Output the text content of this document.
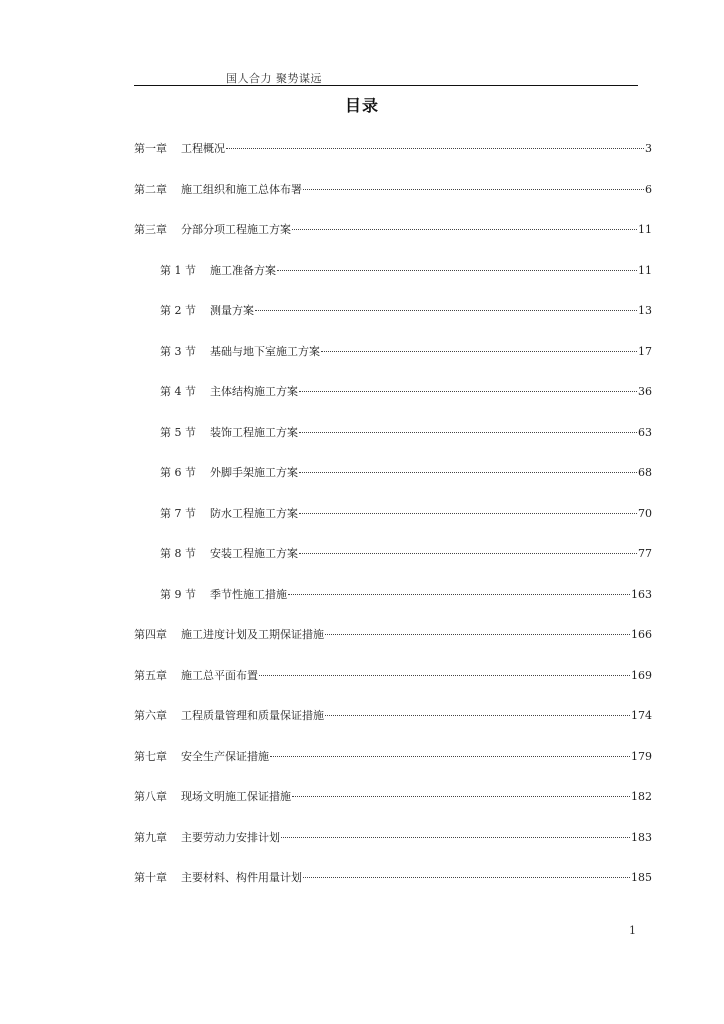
国人合力 聚势谋远
目录
第一章 工程概况	3
第二章 施工组织和施工总体布署	6
第三章 分部分项工程施工方案	11
第 1 节 施工准备方案	11
第 2 节 测量方案	13
第 3 节 基础与地下室施工方案	17
第 4 节 主体结构施工方案	36
第 5 节 装饰工程施工方案	63
第 6 节 外脚手架施工方案	68
第 7 节 防水工程施工方案	70
第 8 节 安装工程施工方案	77
第 9 节 季节性施工措施	163
第四章 施工进度计划及工期保证措施	166
第五章 施工总平面布置	169
第六章 工程质量管理和质量保证措施	174
第七章 安全生产保证措施	179
第八章 现场文明施工保证措施	182
第九章 主要劳动力安排计划	183
第十章 主要材料、构件用量计划	185
1
